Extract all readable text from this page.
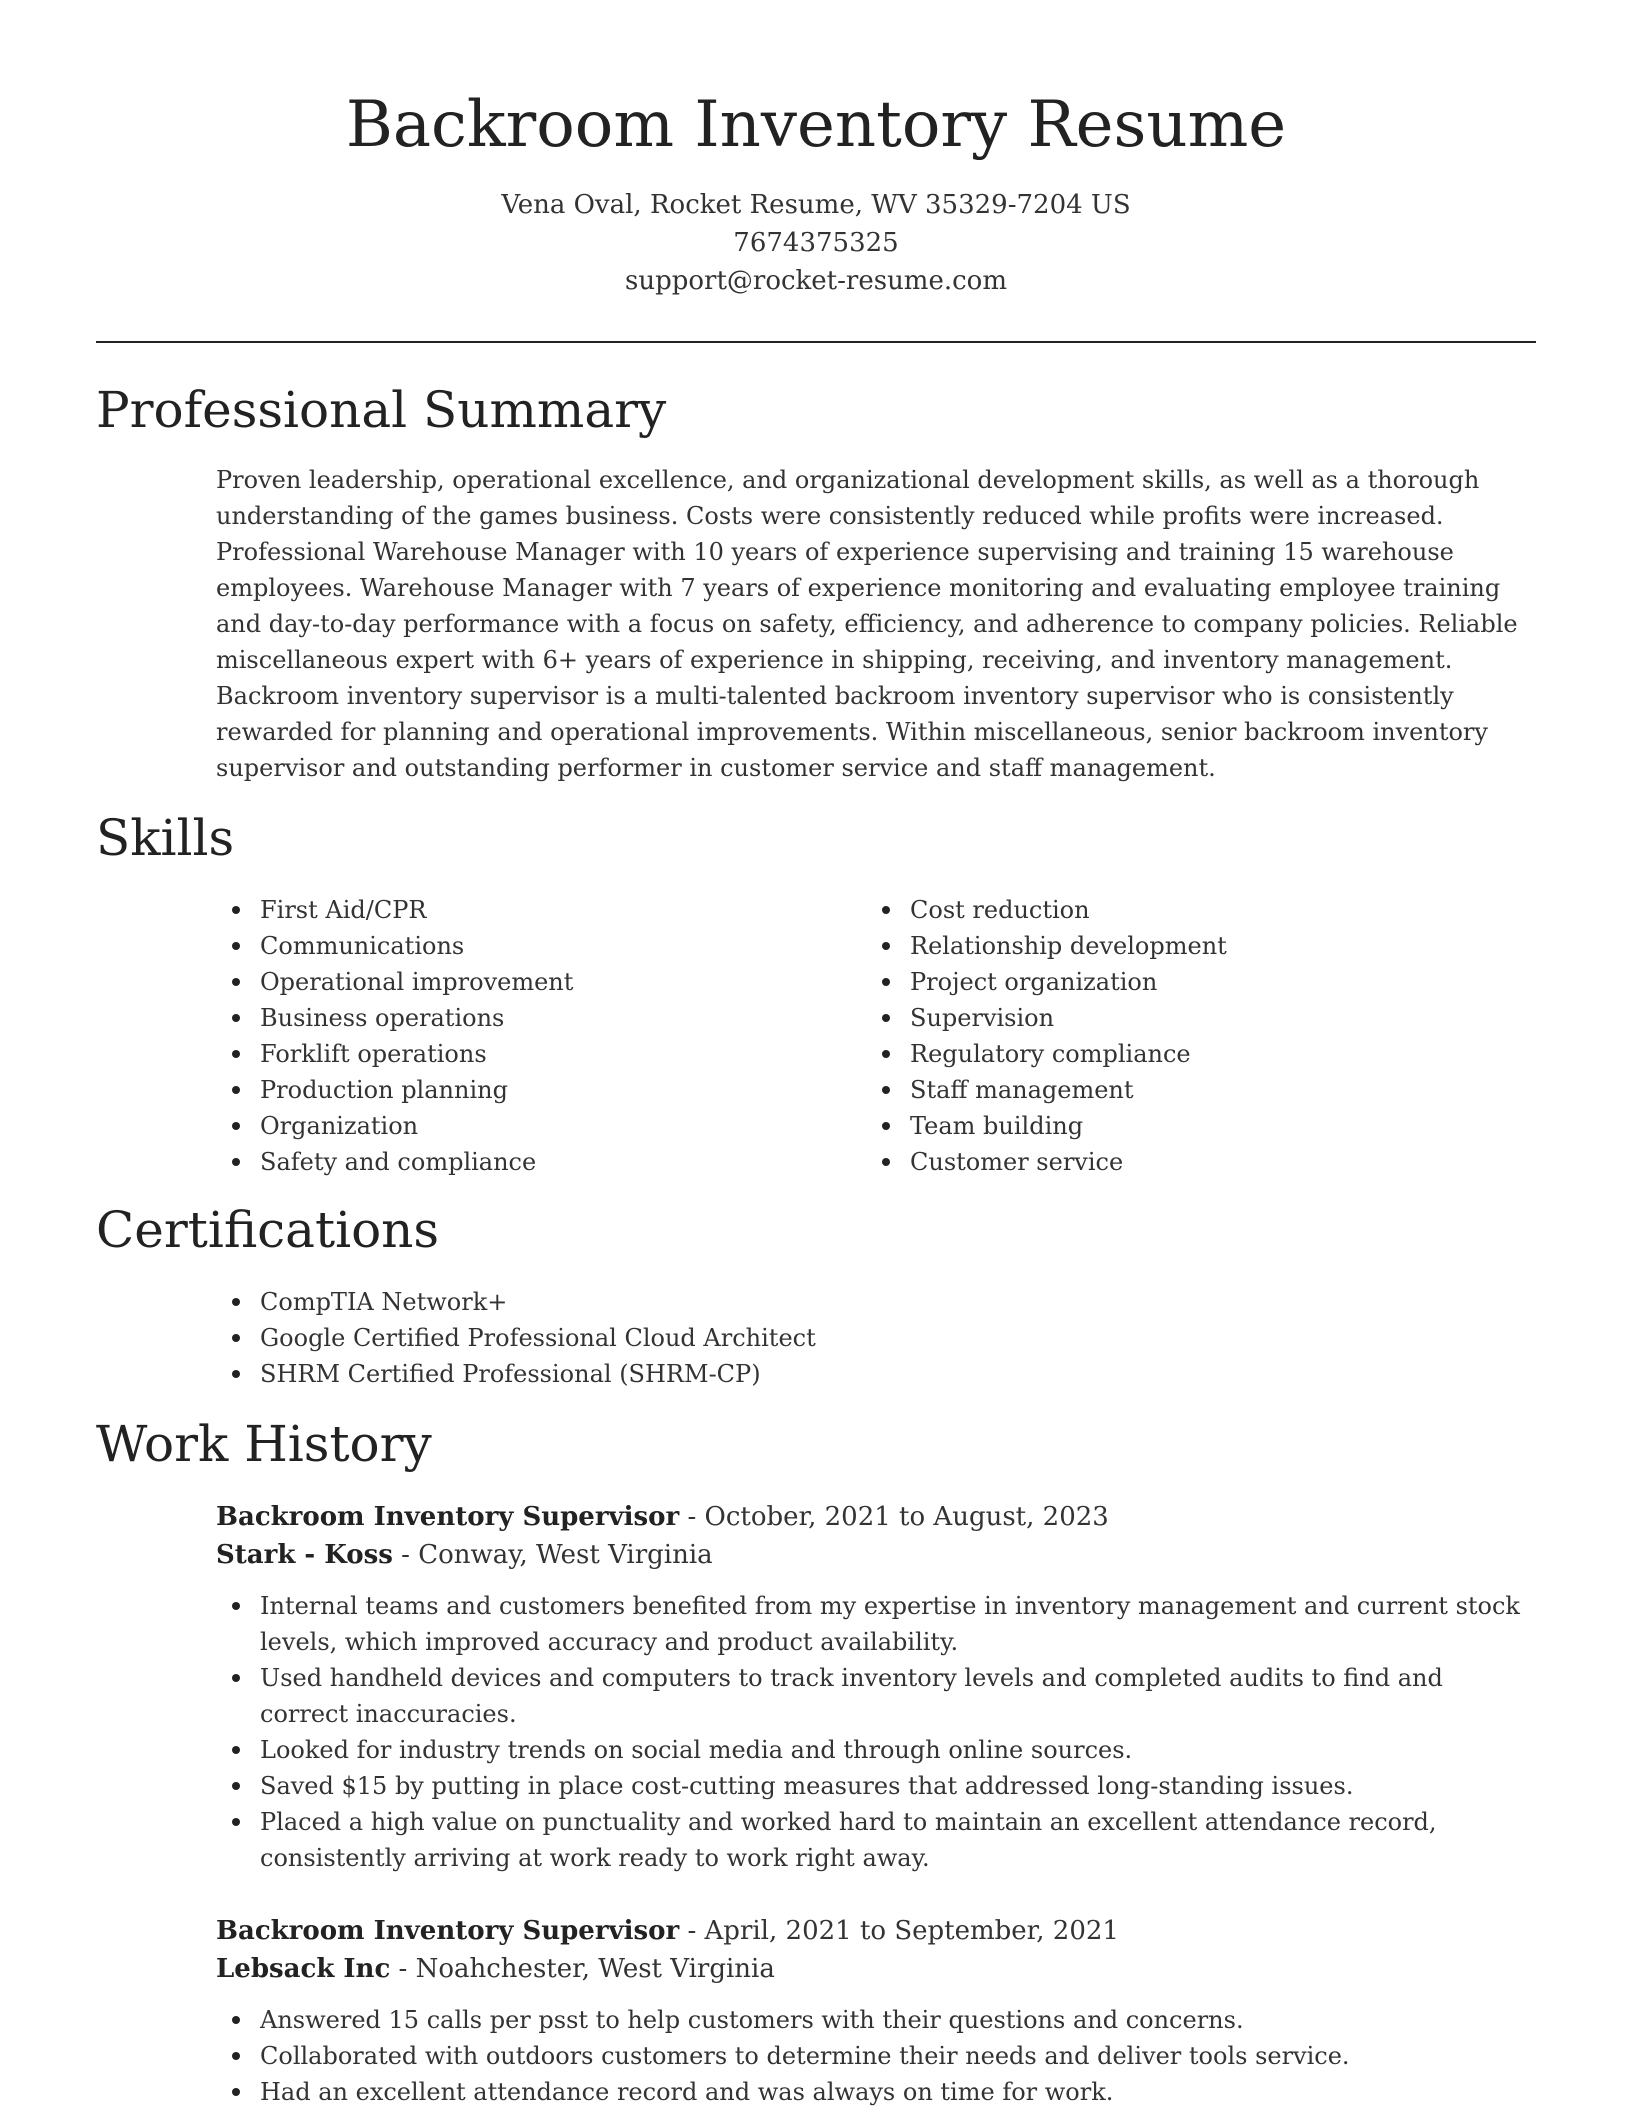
Backroom Inventory Resume
Vena Oval, Rocket Resume, WV 35329-7204 US
7674375325
support@rocket-resume.com
Professional Summary

Proven leadership, operational excellence, and organizational development skills, as well as a thorough understanding of the games business. Costs were consistently reduced while profits were increased. Professional Warehouse Manager with 10 years of experience supervising and training 15 warehouse employees. Warehouse Manager with 7 years of experience monitoring and evaluating employee training and day-to-day performance with a focus on safety, efficiency, and adherence to company policies. Reliable miscellaneous expert with 6+ years of experience in shipping, receiving, and inventory management. Backroom inventory supervisor is a multi-talented backroom inventory supervisor who is consistently rewarded for planning and operational improvements. Within miscellaneous, senior backroom inventory supervisor and outstanding performer in customer service and staff management.

Skills
First Aid/CPR
Communications
Operational improvement
Business operations
Forklift operations
Production planning
Organization
Safety and compliance
Cost reduction
Relationship development
Project organization
Supervision
Regulatory compliance
Staff management
Team building
Customer service
Certifications
CompTIA Network+
Google Certified Professional Cloud Architect
SHRM Certified Professional (SHRM-CP)
Work History

Backroom Inventory Supervisor - October, 2021 to August, 2023

Stark - Koss - Conway, West Virginia

Internal teams and customers benefited from my expertise in inventory management and current stock levels, which improved accuracy and product availability.
Used handheld devices and computers to track inventory levels and completed audits to find and correct inaccuracies.
Looked for industry trends on social media and through online sources.
Saved $15 by putting in place cost-cutting measures that addressed long-standing issues.
Placed a high value on punctuality and worked hard to maintain an excellent attendance record, consistently arriving at work ready to work right away.

Backroom Inventory Supervisor - April, 2021 to September, 2021

Lebsack Inc - Noahchester, West Virginia

Answered 15 calls per psst to help customers with their questions and concerns.
Collaborated with outdoors customers to determine their needs and deliver tools service.
Had an excellent attendance record and was always on time for work.
